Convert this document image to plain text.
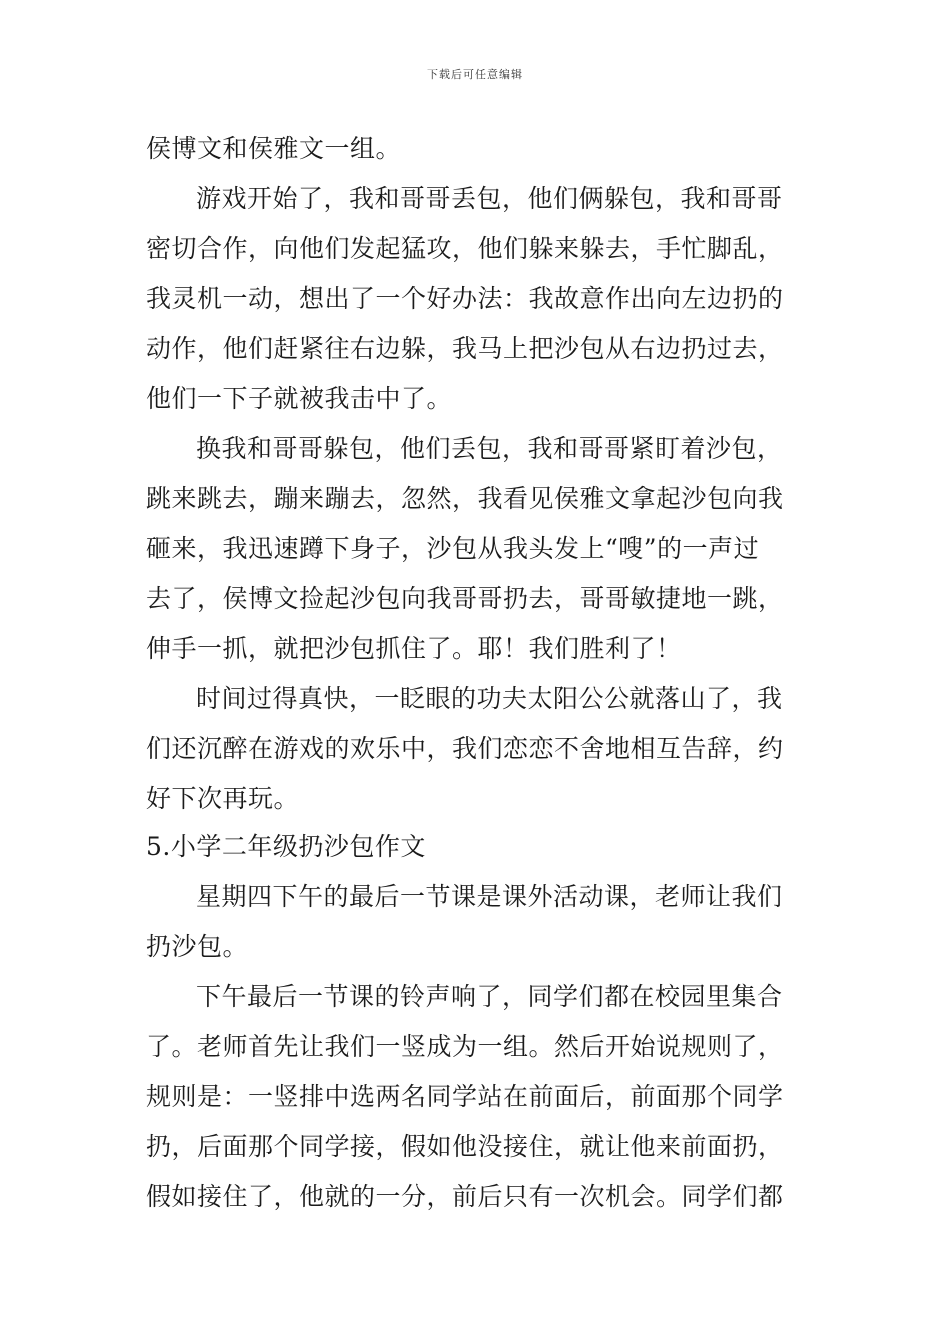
下载后可任意编辑
侯博文和侯雅文一组。
游戏开始了，我和哥哥丢包，他们俩躲包，我和哥哥
密切合作，向他们发起猛攻，他们躲来躲去，手忙脚乱，
我灵机一动，想出了一个好办法：我故意作出向左边扔的
动作，他们赶紧往右边躲，我马上把沙包从右边扔过去，
他们一下子就被我击中了。
换我和哥哥躲包，他们丢包，我和哥哥紧盯着沙包，
跳来跳去，蹦来蹦去，忽然，我看见侯雅文拿起沙包向我
砸来，我迅速蹲下身子，沙包从我头发上“嗖”的一声过
去了，侯博文捡起沙包向我哥哥扔去，哥哥敏捷地一跳，
伸手一抓，就把沙包抓住了。耶！我们胜利了！
时间过得真快，一眨眼的功夫太阳公公就落山了，我
们还沉醉在游戏的欢乐中，我们恋恋不舍地相互告辞，约
好下次再玩。
5.小学二年级扔沙包作文
星期四下午的最后一节课是课外活动课，老师让我们
扔沙包。
下午最后一节课的铃声响了，同学们都在校园里集合
了。老师首先让我们一竖成为一组。然后开始说规则了，
规则是：一竖排中选两名同学站在前面后，前面那个同学
扔，后面那个同学接，假如他没接住，就让他来前面扔，
假如接住了，他就的一分，前后只有一次机会。同学们都
